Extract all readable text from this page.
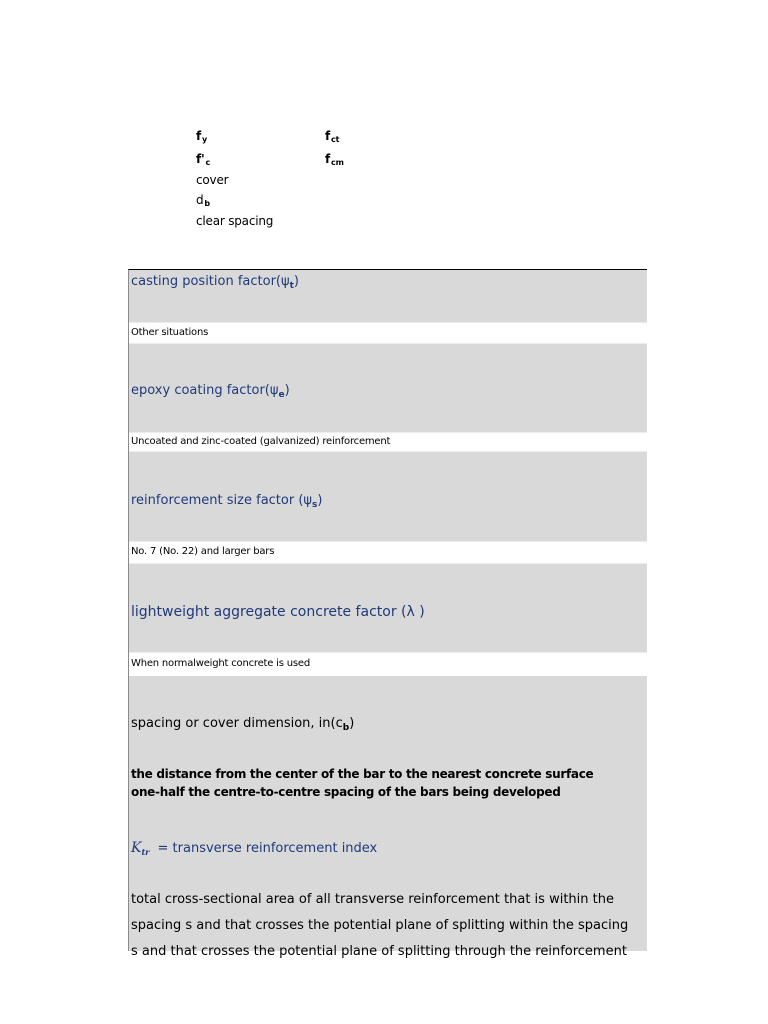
$f_y$
$f'_c$
cover
$d_b$
clear spacing
$f_{ct}$
$f_{cm}$
casting position $factor(\psi_t)$
Other situations
epoxy coating $factor(\psi_e)$
Uncoated and zinc-coated (galvanized) reinforcement
reinforcement size factor $(\psi_s)$
No. 7 (No. 22) and larger bars
lightweight aggregate concrete factor (λ )
When normalweight concrete is used
spacing or cover dimension, $in(c_b)$
the distance from the center of the bar to the nearest concrete surface
one-half the centre-to-centre spacing of the bars being developed
$K_{tr}$ = transverse reinforcement index
total cross-sectional area of all transverse reinforcement that is within the
spacing s and that crosses the potential plane of splitting within the spacing
s and that crosses the potential plane of splitting through the reinforcement
